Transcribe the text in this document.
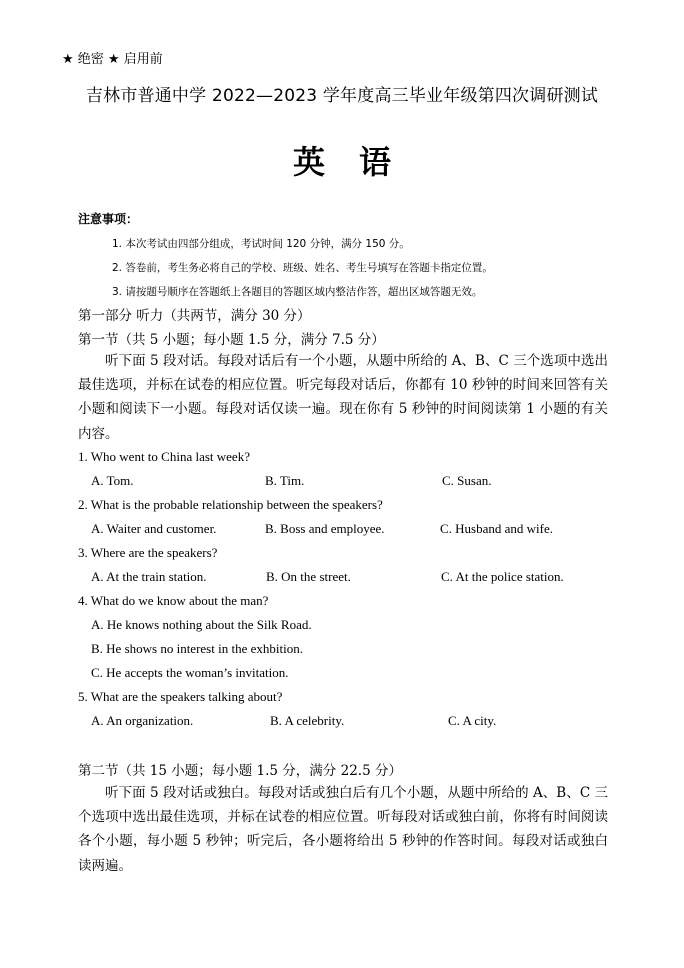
★ 绝密 ★ 启用前
吉林市普通中学 2022—2023 学年度高三毕业年级第四次调研测试
英语
注意事项：
1. 本次考试由四部分组成，考试时间 120 分钟，满分 150 分。
2. 答卷前，考生务必将自己的学校、班级、姓名、考生号填写在答题卡指定位置。
3. 请按题号顺序在答题纸上各题目的答题区域内整洁作答，超出区域答题无效。
第一部分 听力（共两节，满分 30 分）
第一节（共 5 小题；每小题 1.5 分，满分 7.5 分）
听下面 5 段对话。每段对话后有一个小题，从题中所给的 A、B、C 三个选项中选出最佳选项，并标在试卷的相应位置。听完每段对话后，你都有 10 秒钟的时间来回答有关小题和阅读下一小题。每段对话仅读一遍。现在你有 5 秒钟的时间阅读第 1 小题的有关内容。
1. Who went to China last week?
A. Tom.	B. Tim.	C. Susan.
2. What is the probable relationship between the speakers?
A. Waiter and customer.	B. Boss and employee.	C. Husband and wife.
3. Where are the speakers?
A. At the train station.	B. On the street.	C. At the police station.
4. What do we know about the man?
A. He knows nothing about the Silk Road.
B. He shows no interest in the exhbition.
C. He accepts the woman’s invitation.
5. What are the speakers talking about?
A. An organization.	B. A celebrity.	C. A city.
第二节（共 15 小题；每小题 1.5 分，满分 22.5 分）
听下面 5 段对话或独白。每段对话或独白后有几个小题，从题中所给的 A、B、C 三个选项中选出最佳选项，并标在试卷的相应位置。听每段对话或独白前，你将有时间阅读各个小题，每小题 5 秒钟；听完后，各小题将给出 5 秒钟的作答时间。每段对话或独白读两遍。
